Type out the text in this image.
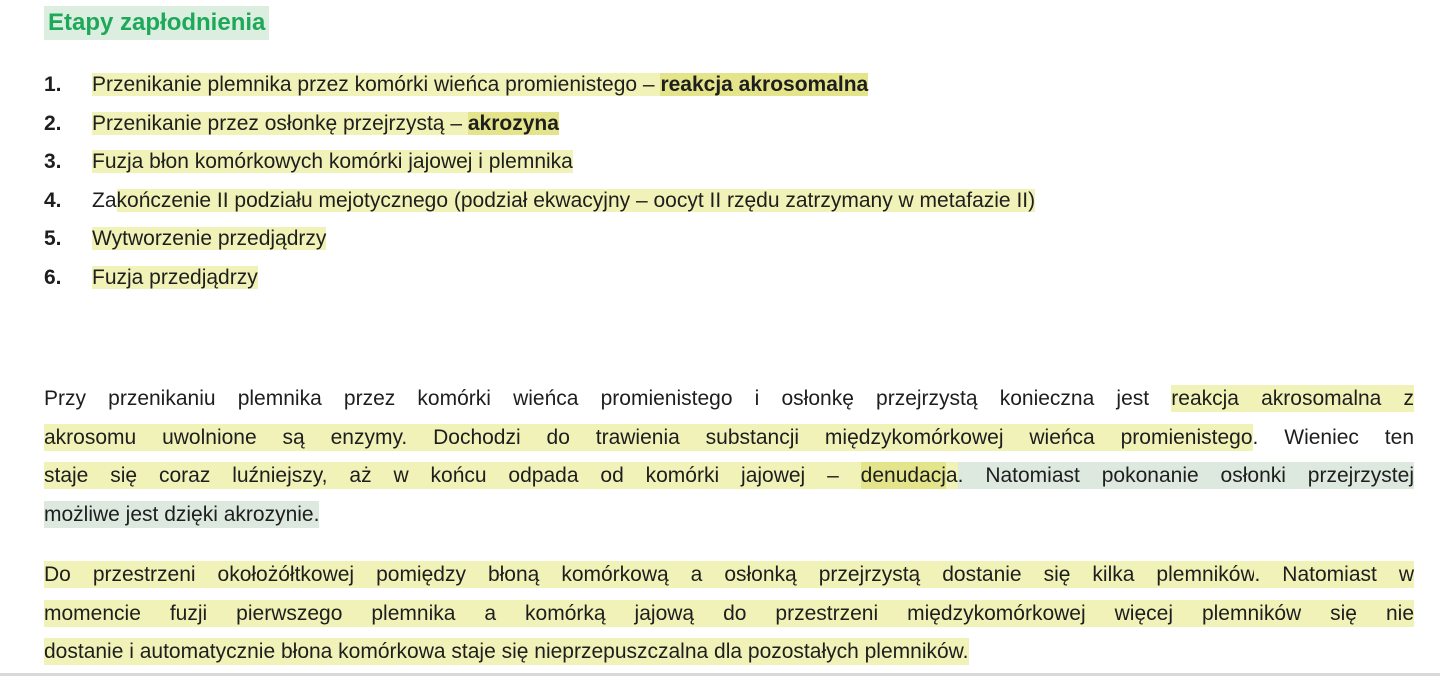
Etapy zapłodnienia
1. Przenikanie plemnika przez komórki wieńca promienistego – reakcja akrosomalna
2. Przenikanie przez osłonkę przejrzystą – akrozyna
3. Fuzja błon komórkowych komórki jajowej i plemnika
4. Zakończenie II podziału mejotycznego (podział ekwacyjny – oocyt II rzędu zatrzymany w metafazie II)
5. Wytworzenie przedjądrzy
6. Fuzja przedjądrzy

Przy przenikaniu plemnika przez komórki wieńca promienistego i osłonkę przejrzystą konieczna jest reakcja akrosomalna z
akrosomu uwolnione są enzymy. Dochodzi do trawienia substancji międzykomórkowej wieńca promienistego. Wieniec ten
staje się coraz luźniejszy, aż w końcu odpada od komórki jajowej – denudacja. Natomiast pokonanie osłonki przejrzystej
możliwe jest dzięki akrozynie.

Do przestrzeni okołożółtkowej pomiędzy błoną komórkową a osłonką przejrzystą dostanie się kilka plemników. Natomiast w
momencie fuzji pierwszego plemnika a komórką jajową do przestrzeni międzykomórkowej więcej plemników się nie
dostanie i automatycznie błona komórkowa staje się nieprzepuszczalna dla pozostałych plemników.
